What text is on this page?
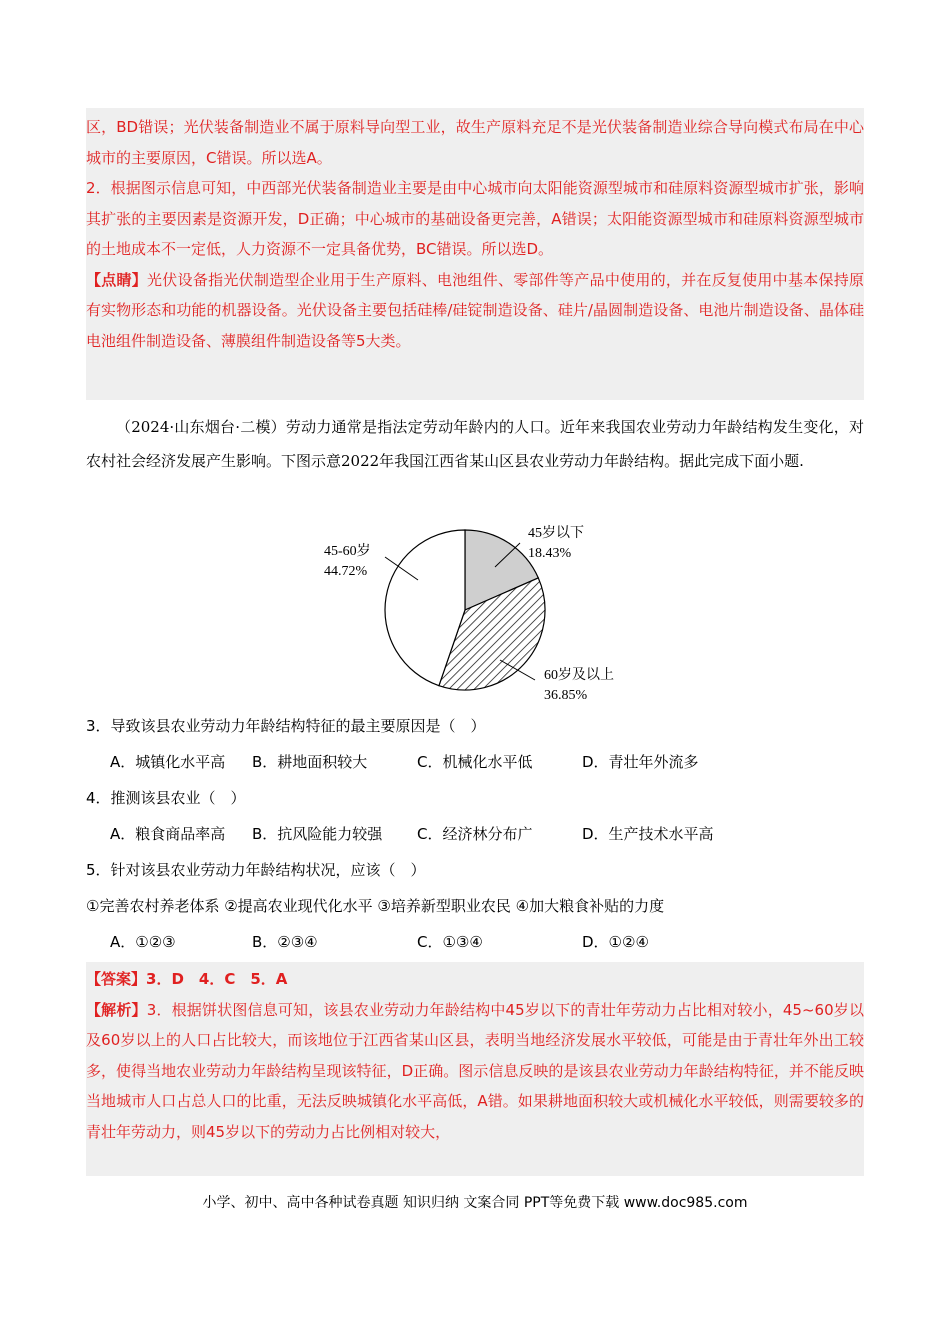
区，BD错误；光伏装备制造业不属于原料导向型工业，故生产原料充足不是光伏装备制造业综合导向模式布局在中心城市的主要原因，C错误。所以选A。

2．根据图示信息可知，中西部光伏装备制造业主要是由中心城市向太阳能资源型城市和硅原料资源型城市扩张，影响其扩张的主要因素是资源开发，D正确；中心城市的基础设备更完善，A错误；太阳能资源型城市和硅原料资源型城市的土地成本不一定低，人力资源不一定具备优势，BC错误。所以选D。

【点睛】光伏设备指光伏制造型企业用于生产原料、电池组件、零部件等产品中使用的，并在反复使用中基本保持原有实物形态和功能的机器设备。光伏设备主要包括硅棒/硅锭制造设备、硅片/晶圆制造设备、电池片制造设备、晶体硅电池组件制造设备、薄膜组件制造设备等5大类。

（2024·山东烟台·二模）劳动力通常是指法定劳动年龄内的人口。近年来我国农业劳动力年龄结构发生变化，对农村社会经济发展产生影响。下图示意2022年我国江西省某山区县农业劳动力年龄结构。据此完成下面小题.

45岁以下
18.43%
60岁及以上
36.85%
45-60岁
44.72%
3．导致该县农业劳动力年龄结构特征的最主要原因是（　）
A．城镇化水平高 B．耕地面积较大	C．机械化水平低	D．青壮年外流多
4．推测该县农业（　）
A．粮食商品率高 B．抗风险能力较强 C．经济林分布广	D．生产技术水平高
5．针对该县农业劳动力年龄结构状况，应该（　）
①完善农村养老体系 ②提高农业现代化水平 ③培养新型职业农民 ④加大粮食补贴的力度
A．①②③	B．②③④	C．①③④	D．①②④

【答案】3．D　4．C　5．A

【解析】3．根据饼状图信息可知，该县农业劳动力年龄结构中45岁以下的青壮年劳动力占比相对较小，45~60岁以及60岁以上的人口占比较大，而该地位于江西省某山区县，表明当地经济发展水平较低，可能是由于青壮年外出工较多，使得当地农业劳动力年龄结构呈现该特征，D正确。图示信息反映的是该县农业劳动力年龄结构特征，并不能反映当地城市人口占总人口的比重，无法反映城镇化水平高低，A错。如果耕地面积较大或机械化水平较低，则需要较多的青壮年劳动力，则45岁以下的劳动力占比例相对较大，

小学、初中、高中各种试卷真题 知识归纳 文案合同 PPT等免费下载 www.doc985.com
